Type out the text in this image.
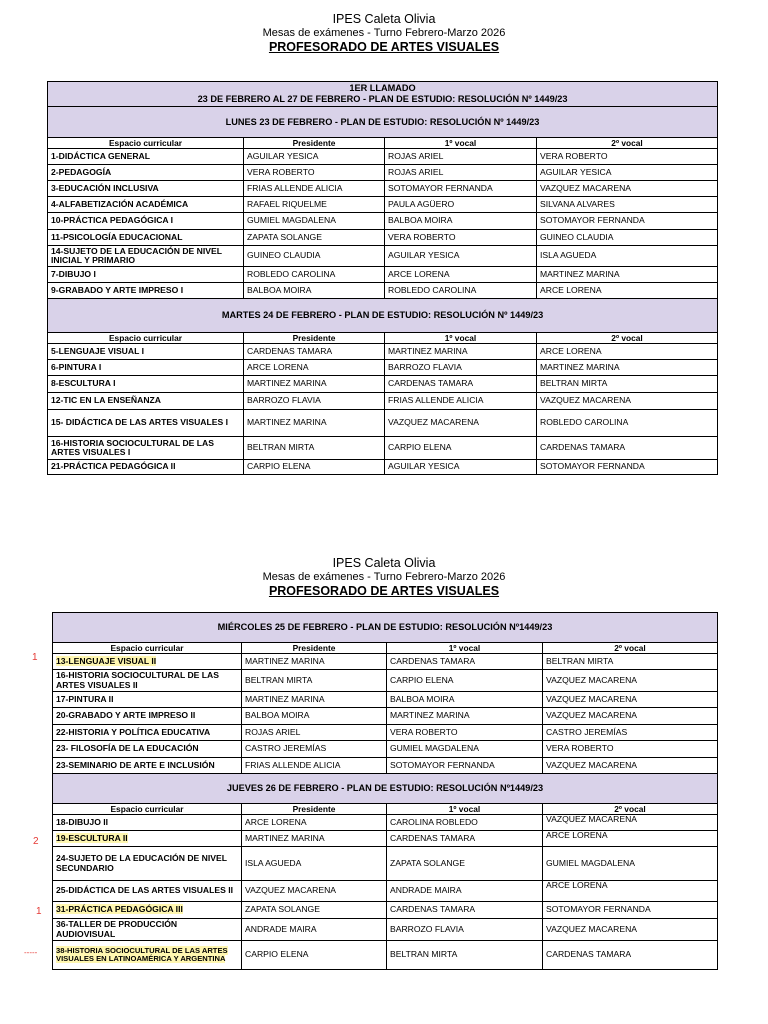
IPES Caleta Olivia
Mesas de exámenes - Turno Febrero-Marzo 2026
PROFESORADO DE ARTES VISUALES
1ER LLAMADO
23 DE FEBRERO AL 27 DE FEBRERO - PLAN DE ESTUDIO: RESOLUCIÓN Nº 1449/23			

LUNES 23 DE FEBRERO - PLAN DE ESTUDIO: RESOLUCIÓN Nº 1449/23			
Espacio curricular	Presidente	1º vocal	2º vocal
1-DIDÁCTICA GENERAL	AGUILAR YESICA	ROJAS ARIEL	VERA ROBERTO
2-PEDAGOGÍA	VERA ROBERTO	ROJAS ARIEL	AGUILAR YESICA
3-EDUCACIÓN INCLUSIVA	FRIAS ALLENDE ALICIA	SOTOMAYOR FERNANDA	VAZQUEZ MACARENA
4-ALFABETIZACIÓN ACADÉMICA	RAFAEL RIQUELME	PAULA AGÜERO	SILVANA ALVARES
10-PRÁCTICA PEDAGÓGICA I	GUMIEL MAGDALENA	BALBOA MOIRA	SOTOMAYOR FERNANDA
11-PSICOLOGÍA EDUCACIONAL	ZAPATA SOLANGE	VERA ROBERTO	GUINEO CLAUDIA
14-SUJETO DE LA EDUCACIÓN DE NIVEL INICIAL Y PRIMARIO	GUINEO CLAUDIA	AGUILAR YESICA	ISLA AGUEDA
7-DIBUJO I	ROBLEDO CAROLINA	ARCE LORENA	MARTINEZ MARINA
9-GRABADO Y ARTE IMPRESO I	BALBOA MOIRA	ROBLEDO CAROLINA	ARCE LORENA
MARTES 24 DE FEBRERO - PLAN DE ESTUDIO: RESOLUCIÓN Nº 1449/23			
Espacio curricular	Presidente	1º vocal	2º vocal
5-LENGUAJE VISUAL I	CARDENAS TAMARA	MARTINEZ MARINA	ARCE LORENA
6-PINTURA I	ARCE LORENA	BARROZO FLAVIA	MARTINEZ MARINA
8-ESCULTURA I	MARTINEZ MARINA	CARDENAS TAMARA	BELTRAN MIRTA
12-TIC EN LA ENSEÑANZA	BARROZO FLAVIA	FRIAS ALLENDE ALICIA	VAZQUEZ MACARENA
15- DIDÁCTICA DE LAS ARTES VISUALES I	MARTINEZ MARINA	VAZQUEZ MACARENA	ROBLEDO CAROLINA
16-HISTORIA SOCIOCULTURAL DE LAS ARTES VISUALES I	BELTRAN MIRTA	CARPIO ELENA	CARDENAS TAMARA
21-PRÁCTICA PEDAGÓGICA II	CARPIO ELENA	AGUILAR YESICA	SOTOMAYOR FERNANDA
IPES Caleta Olivia
Mesas de exámenes - Turno Febrero-Marzo 2026
PROFESORADO DE ARTES VISUALES
MIÉRCOLES 25 DE FEBRERO - PLAN DE ESTUDIO: RESOLUCIÓN Nº1449/23			
Espacio curricular	Presidente	1º vocal	2º vocal
13-LENGUAJE VISUAL II	MARTINEZ MARINA	CARDENAS TAMARA	BELTRAN MIRTA
16-HISTORIA SOCIOCULTURAL DE LAS ARTES VISUALES II	BELTRAN MIRTA	CARPIO ELENA	VAZQUEZ MACARENA
17-PINTURA II	MARTINEZ MARINA	BALBOA MOIRA	VAZQUEZ MACARENA
20-GRABADO Y ARTE IMPRESO II	BALBOA MOIRA	MARTINEZ MARINA	VAZQUEZ MACARENA
22-HISTORIA Y POLÍTICA EDUCATIVA	ROJAS ARIEL	VERA ROBERTO	CASTRO JEREMÍAS
23- FILOSOFÍA DE LA EDUCACIÓN	CASTRO JEREMÍAS	GUMIEL MAGDALENA	VERA ROBERTO
23-SEMINARIO DE ARTE E INCLUSIÓN	FRIAS ALLENDE ALICIA	SOTOMAYOR FERNANDA	VAZQUEZ MACARENA
JUEVES 26 DE FEBRERO - PLAN DE ESTUDIO: RESOLUCIÓN Nº1449/23			
Espacio curricular	Presidente	1º vocal	2º vocal
18-DIBUJO II	ARCE LORENA	CAROLINA ROBLEDO	VAZQUEZ MACARENA
19-ESCULTURA II	MARTINEZ MARINA	CARDENAS TAMARA	ARCE LORENA
24-SUJETO DE LA EDUCACIÓN DE NIVEL SECUNDARIO	ISLA AGUEDA	ZAPATA SOLANGE	GUMIEL MAGDALENA
25-DIDÁCTICA DE LAS ARTES VISUALES II	VAZQUEZ MACARENA	ANDRADE MAIRA	ARCE LORENA
31-PRÁCTICA PEDAGÓGICA III	ZAPATA SOLANGE	CARDENAS TAMARA	SOTOMAYOR FERNANDA
36-TALLER DE PRODUCCIÓN AUDIOVISUAL	ANDRADE MAIRA	BARROZO FLAVIA	VAZQUEZ MACARENA
38-HISTORIA SOCIOCULTURAL DE LAS ARTES VISUALES EN LATINOAMÉRICA Y ARGENTINA	CARPIO ELENA	BELTRAN MIRTA	CARDENAS TAMARA
1
2
1
-----
